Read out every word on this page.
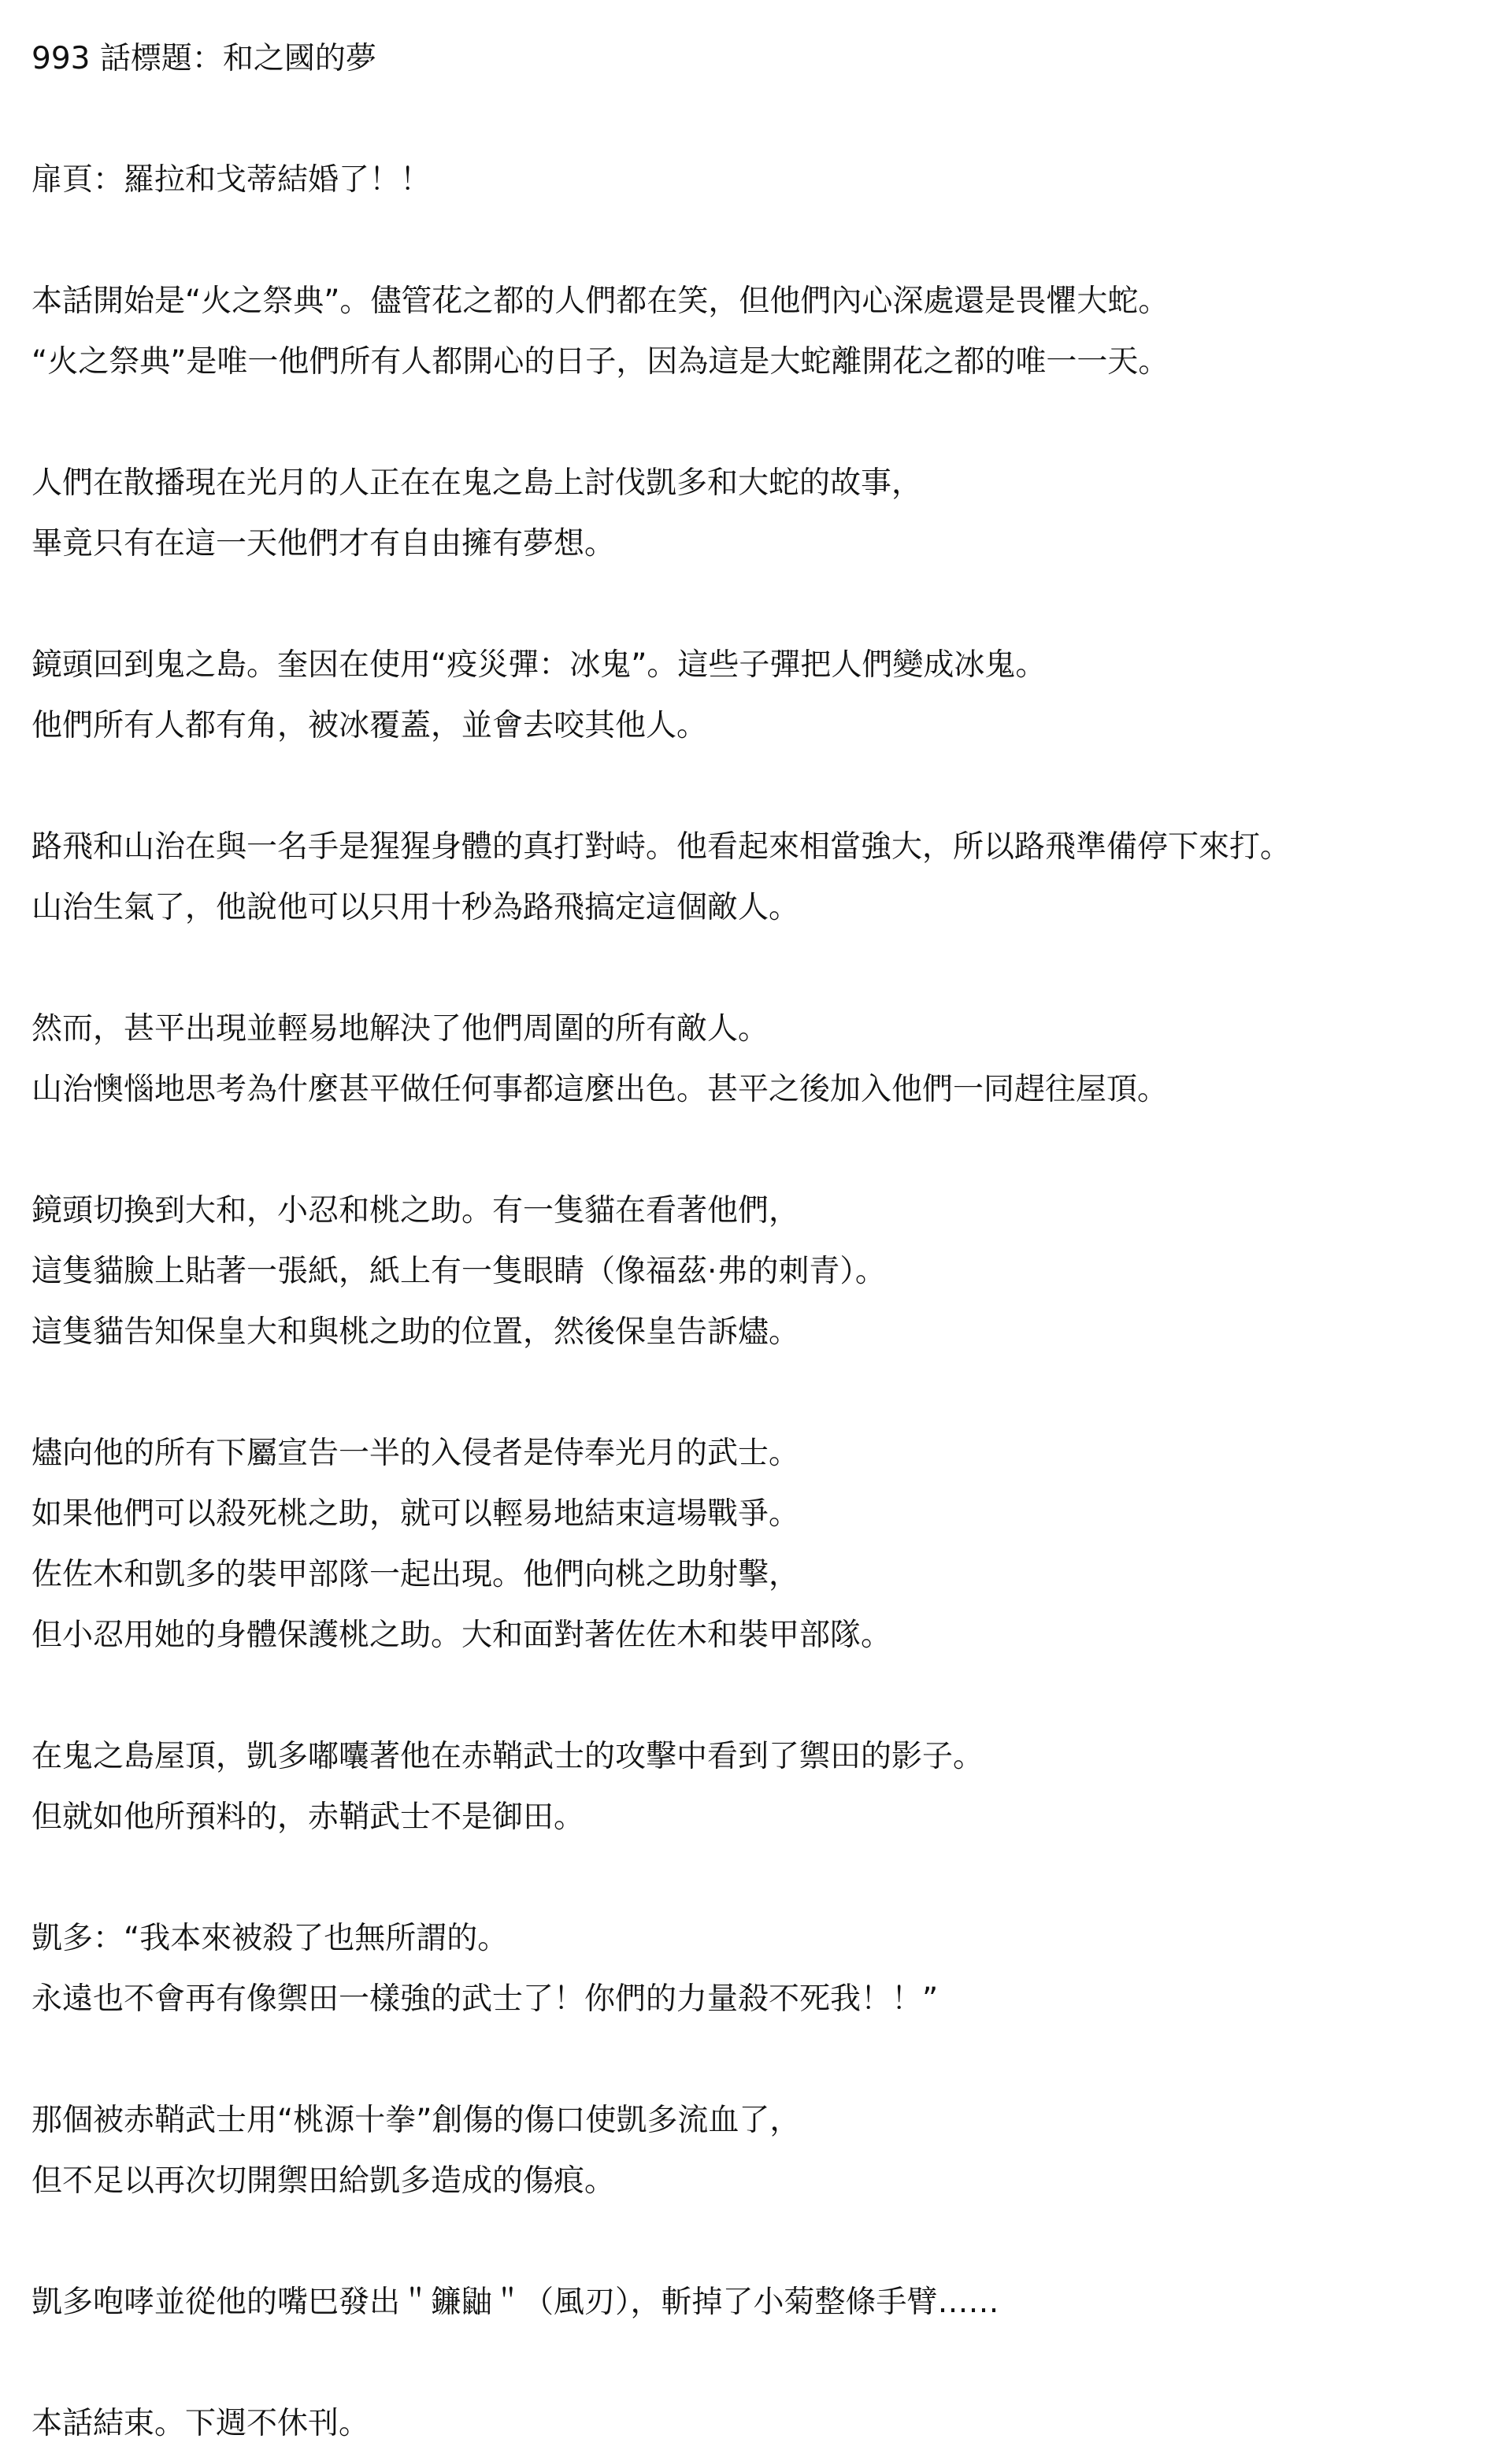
993 話標題：和之國的夢
扉頁：羅拉和戈蒂結婚了！！
本話開始是“火之祭典”。儘管花之都的人們都在笑，但他們內心深處還是畏懼大蛇。
“火之祭典”是唯一他們所有人都開心的日子，因為這是大蛇離開花之都的唯一一天。
人們在散播現在光月的人正在在鬼之島上討伐凱多和大蛇的故事，
畢竟只有在這一天他們才有自由擁有夢想。
鏡頭回到鬼之島。奎因在使用“疫災彈：冰鬼”。這些子彈把人們變成冰鬼。
他們所有人都有角，被冰覆蓋，並會去咬其他人。
路飛和山治在與一名手是猩猩身體的真打對峙。他看起來相當強大，所以路飛準備停下來打。
山治生氣了，他說他可以只用十秒為路飛搞定這個敵人。
然而，甚平出現並輕易地解決了他們周圍的所有敵人。
山治懊惱地思考為什麼甚平做任何事都這麼出色。甚平之後加入他們一同趕往屋頂。
鏡頭切換到大和，小忍和桃之助。有一隻貓在看著他們，
這隻貓臉上貼著一張紙，紙上有一隻眼睛（像福茲·弗的刺青）。
這隻貓告知保皇大和與桃之助的位置，然後保皇告訴燼。
燼向他的所有下屬宣告一半的入侵者是侍奉光月的武士。
如果他們可以殺死桃之助，就可以輕易地結束這場戰爭。
佐佐木和凱多的裝甲部隊一起出現。他們向桃之助射擊，
但小忍用她的身體保護桃之助。大和面對著佐佐木和裝甲部隊。
在鬼之島屋頂，凱多嘟囔著他在赤鞘武士的攻擊中看到了禦田的影子。
但就如他所預料的，赤鞘武士不是御田。
凱多：“我本來被殺了也無所謂的。
永遠也不會再有像禦田一樣強的武士了！你們的力量殺不死我！！”
那個被赤鞘武士用“桃源十拳”創傷的傷口使凱多流血了，
但不足以再次切開禦田給凱多造成的傷痕。
凱多咆哮並從他的嘴巴發出＂鐮鼬＂（風刃），斬掉了小菊整條手臂……
本話結束。下週不休刊。
